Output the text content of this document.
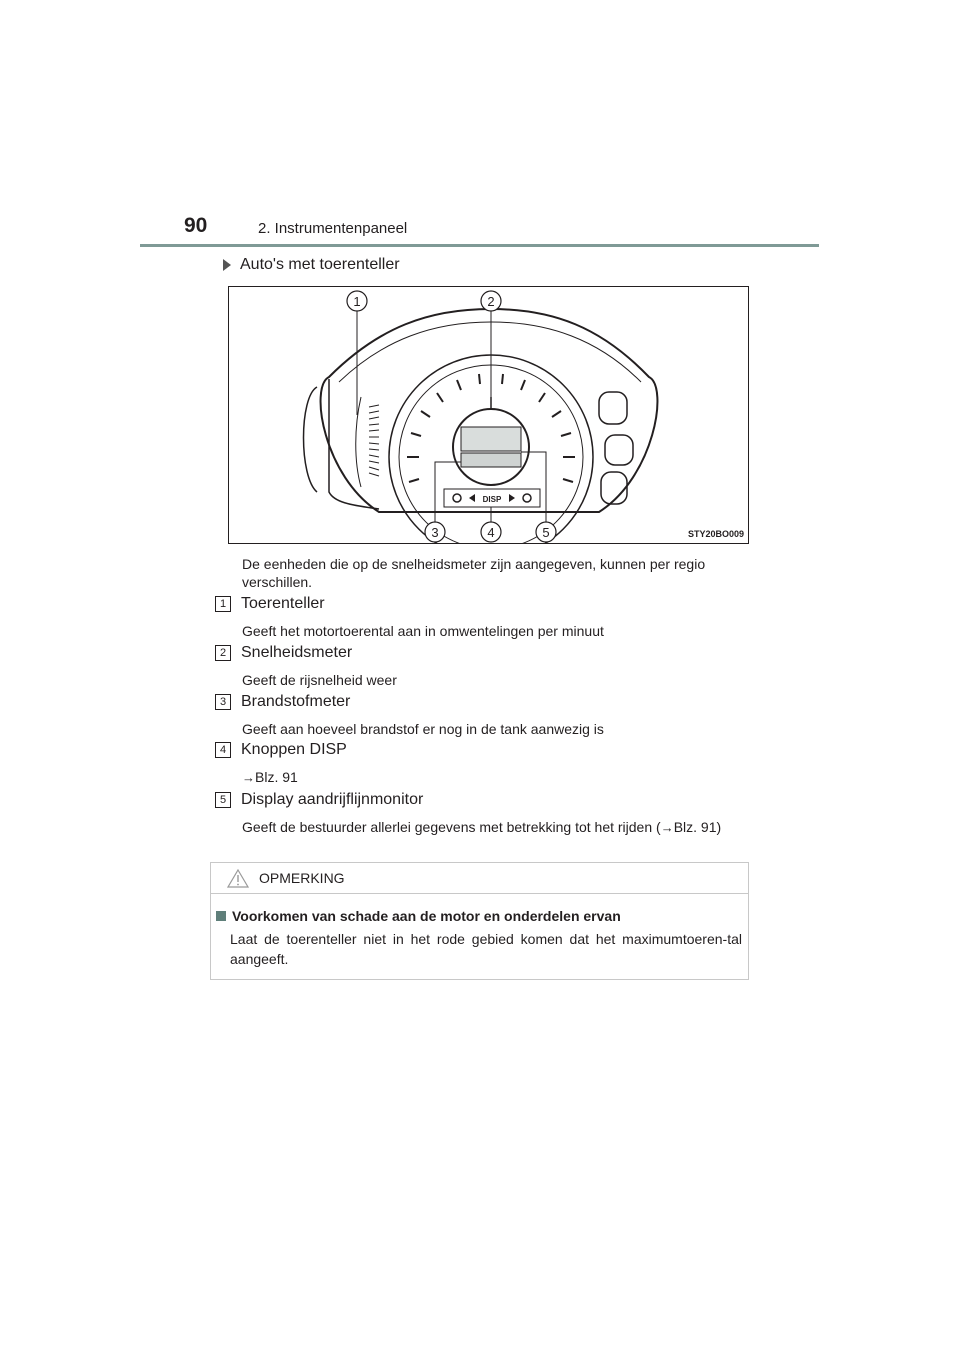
90	2. Instrumentenpaneel
Auto's met toerenteller
DISP
1	2
3	4	5	STY20BO009
De eenheden die op de snelheidsmeter zijn aangegeven, kunnen per regio verschillen.
1 Toerenteller
Geeft het motortoerental aan in omwentelingen per minuut
2 Snelheidsmeter
Geeft de rijsnelheid weer
3 Brandstofmeter
Geeft aan hoeveel brandstof er nog in de tank aanwezig is
4 Knoppen DISP
→Blz. 91
5 Display aandrijflijnmonitor
Geeft de bestuurder allerlei gegevens met betrekking tot het rijden (→Blz. 91)
OPMERKING
Voorkomen van schade aan de motor en onderdelen ervan
Laat de toerenteller niet in het rode gebied komen dat het maximumtoeren-tal aangeeft.
